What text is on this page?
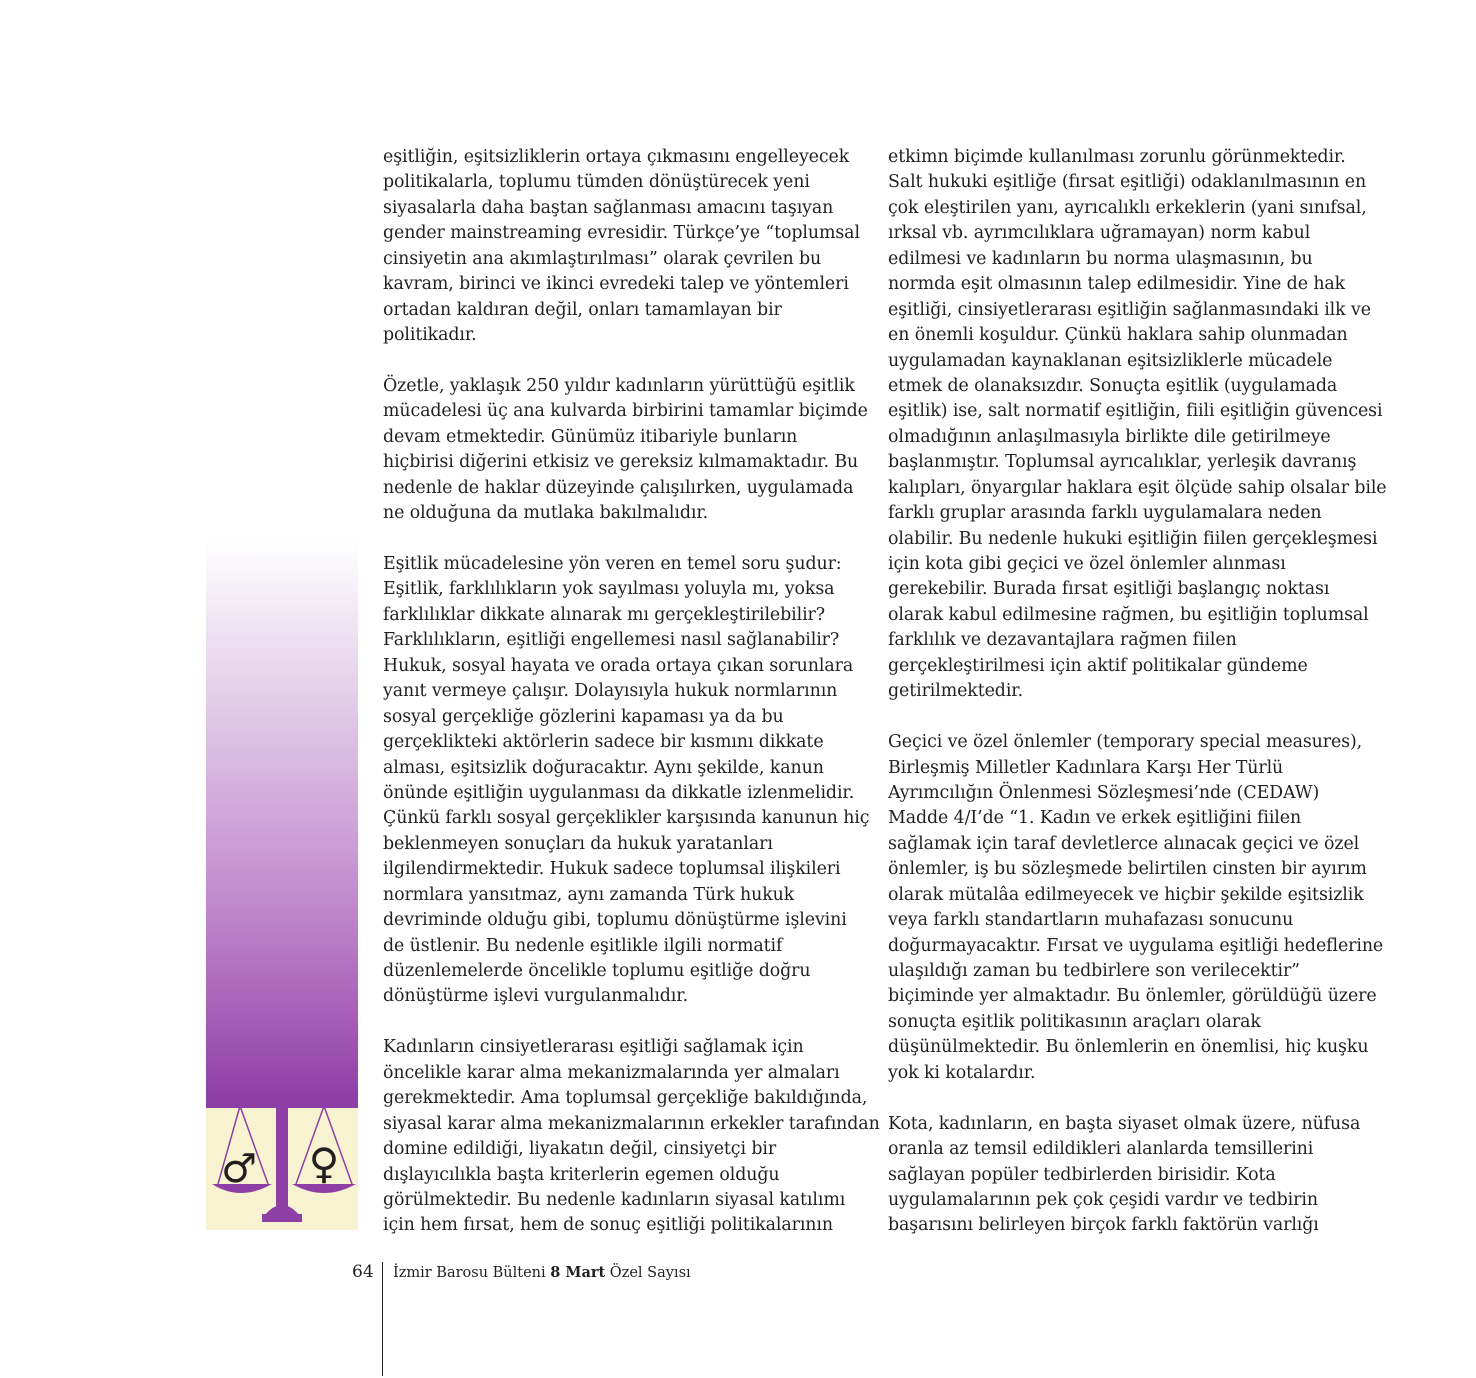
♂ ♀
eşitliğin, eşitsizliklerin ortaya çıkmasını engelleyecek
politikalarla, toplumu tümden dönüştürecek yeni
siyasalarla daha baştan sağlanması amacını taşıyan
gender mainstreaming evresidir. Türkçe’ye “toplumsal
cinsiyetin ana akımlaştırılması” olarak çevrilen bu
kavram, birinci ve ikinci evredeki talep ve yöntemleri
ortadan kaldıran değil, onları tamamlayan bir
politikadır.
Özetle, yaklaşık 250 yıldır kadınların yürüttüğü eşitlik
mücadelesi üç ana kulvarda birbirini tamamlar biçimde
devam etmektedir. Günümüz itibariyle bunların
hiçbirisi diğerini etkisiz ve gereksiz kılmamaktadır. Bu
nedenle de haklar düzeyinde çalışılırken, uygulamada
ne olduğuna da mutlaka bakılmalıdır.
Eşitlik mücadelesine yön veren en temel soru şudur:
Eşitlik, farklılıkların yok sayılması yoluyla mı, yoksa
farklılıklar dikkate alınarak mı gerçekleştirilebilir?
Farklılıkların, eşitliği engellemesi nasıl sağlanabilir?
Hukuk, sosyal hayata ve orada ortaya çıkan sorunlara
yanıt vermeye çalışır. Dolayısıyla hukuk normlarının
sosyal gerçekliğe gözlerini kapaması ya da bu
gerçeklikteki aktörlerin sadece bir kısmını dikkate
alması, eşitsizlik doğuracaktır. Aynı şekilde, kanun
önünde eşitliğin uygulanması da dikkatle izlenmelidir.
Çünkü farklı sosyal gerçeklikler karşısında kanunun hiç
beklenmeyen sonuçları da hukuk yaratanları
ilgilendirmektedir. Hukuk sadece toplumsal ilişkileri
normlara yansıtmaz, aynı zamanda Türk hukuk
devriminde olduğu gibi, toplumu dönüştürme işlevini
de üstlenir. Bu nedenle eşitlikle ilgili normatif
düzenlemelerde öncelikle toplumu eşitliğe doğru
dönüştürme işlevi vurgulanmalıdır.
Kadınların cinsiyetlerarası eşitliği sağlamak için
öncelikle karar alma mekanizmalarında yer almaları
gerekmektedir. Ama toplumsal gerçekliğe bakıldığında,
siyasal karar alma mekanizmalarının erkekler tarafından
domine edildiği, liyakatın değil, cinsiyetçi bir
dışlayıcılıkla başta kriterlerin egemen olduğu
görülmektedir. Bu nedenle kadınların siyasal katılımı
için hem fırsat, hem de sonuç eşitliği politikalarının
etkimn biçimde kullanılması zorunlu görünmektedir.
Salt hukuki eşitliğe (fırsat eşitliği) odaklanılmasının en
çok eleştirilen yanı, ayrıcalıklı erkeklerin (yani sınıfsal,
ırksal vb. ayrımcılıklara uğramayan) norm kabul
edilmesi ve kadınların bu norma ulaşmasının, bu
normda eşit olmasının talep edilmesidir. Yine de hak
eşitliği, cinsiyetlerarası eşitliğin sağlanmasındaki ilk ve
en önemli koşuldur. Çünkü haklara sahip olunmadan
uygulamadan kaynaklanan eşitsizliklerle mücadele
etmek de olanaksızdır. Sonuçta eşitlik (uygulamada
eşitlik) ise, salt normatif eşitliğin, fiili eşitliğin güvencesi
olmadığının anlaşılmasıyla birlikte dile getirilmeye
başlanmıştır. Toplumsal ayrıcalıklar, yerleşik davranış
kalıpları, önyargılar haklara eşit ölçüde sahip olsalar bile
farklı gruplar arasında farklı uygulamalara neden
olabilir. Bu nedenle hukuki eşitliğin fiilen gerçekleşmesi
için kota gibi geçici ve özel önlemler alınması
gerekebilir. Burada fırsat eşitliği başlangıç noktası
olarak kabul edilmesine rağmen, bu eşitliğin toplumsal
farklılık ve dezavantajlara rağmen fiilen
gerçekleştirilmesi için aktif politikalar gündeme
getirilmektedir.
Geçici ve özel önlemler (temporary special measures),
Birleşmiş Milletler Kadınlara Karşı Her Türlü
Ayrımcılığın Önlenmesi Sözleşmesi’nde (CEDAW)
Madde 4/I’de “1. Kadın ve erkek eşitliğini fiilen
sağlamak için taraf devletlerce alınacak geçici ve özel
önlemler, iş bu sözleşmede belirtilen cinsten bir ayırım
olarak mütalâa edilmeyecek ve hiçbir şekilde eşitsizlik
veya farklı standartların muhafazası sonucunu
doğurmayacaktır. Fırsat ve uygulama eşitliği hedeflerine
ulaşıldığı zaman bu tedbirlere son verilecektir”
biçiminde yer almaktadır. Bu önlemler, görüldüğü üzere
sonuçta eşitlik politikasının araçları olarak
düşünülmektedir. Bu önlemlerin en önemlisi, hiç kuşku
yok ki kotalardır.
Kota, kadınların, en başta siyaset olmak üzere, nüfusa
oranla az temsil edildikleri alanlarda temsillerini
sağlayan popüler tedbirlerden birisidir. Kota
uygulamalarının pek çok çeşidi vardır ve tedbirin
başarısını belirleyen birçok farklı faktörün varlığı
64 İzmir Barosu Bülteni 8 Mart Özel Sayısı
